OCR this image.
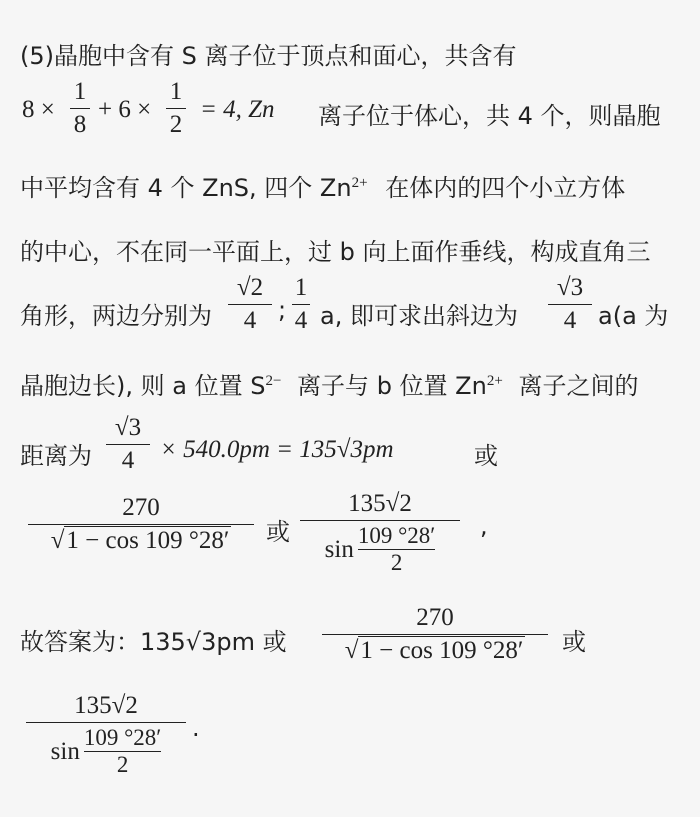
(5)晶胞中含有 S 离子位于顶点和面心，共含有
8 ×
1
8
+ 6 ×
1
2
= 4, Zn 离子位于体心，共 4 个，则晶胞
中平均含有 4 个 ZnS, 四个 $Zn^{2+}$ 在体内的四个小立方体
的中心，不在同一平面上，过 b 向上面作垂线，构成直角三
角形，两边分别为
√2
4 ;
1
4 a, 即可求出斜边为
√3
4 a(a 为
晶胞边长), 则 a 位置 $S^{2-}$ 离子与 b 位置 $Zn^{2+}$ 离子之间的
距离为
√3
4	× 540.0pm = 135√3pm	或
270
√1 − cos 109 °28′	或
135√2
sin 109 °28′
2
,
故答案为：135√3pm 或
270
√1 − cos 109 °28′	或
135√2
sin 109 °28′
2
.
